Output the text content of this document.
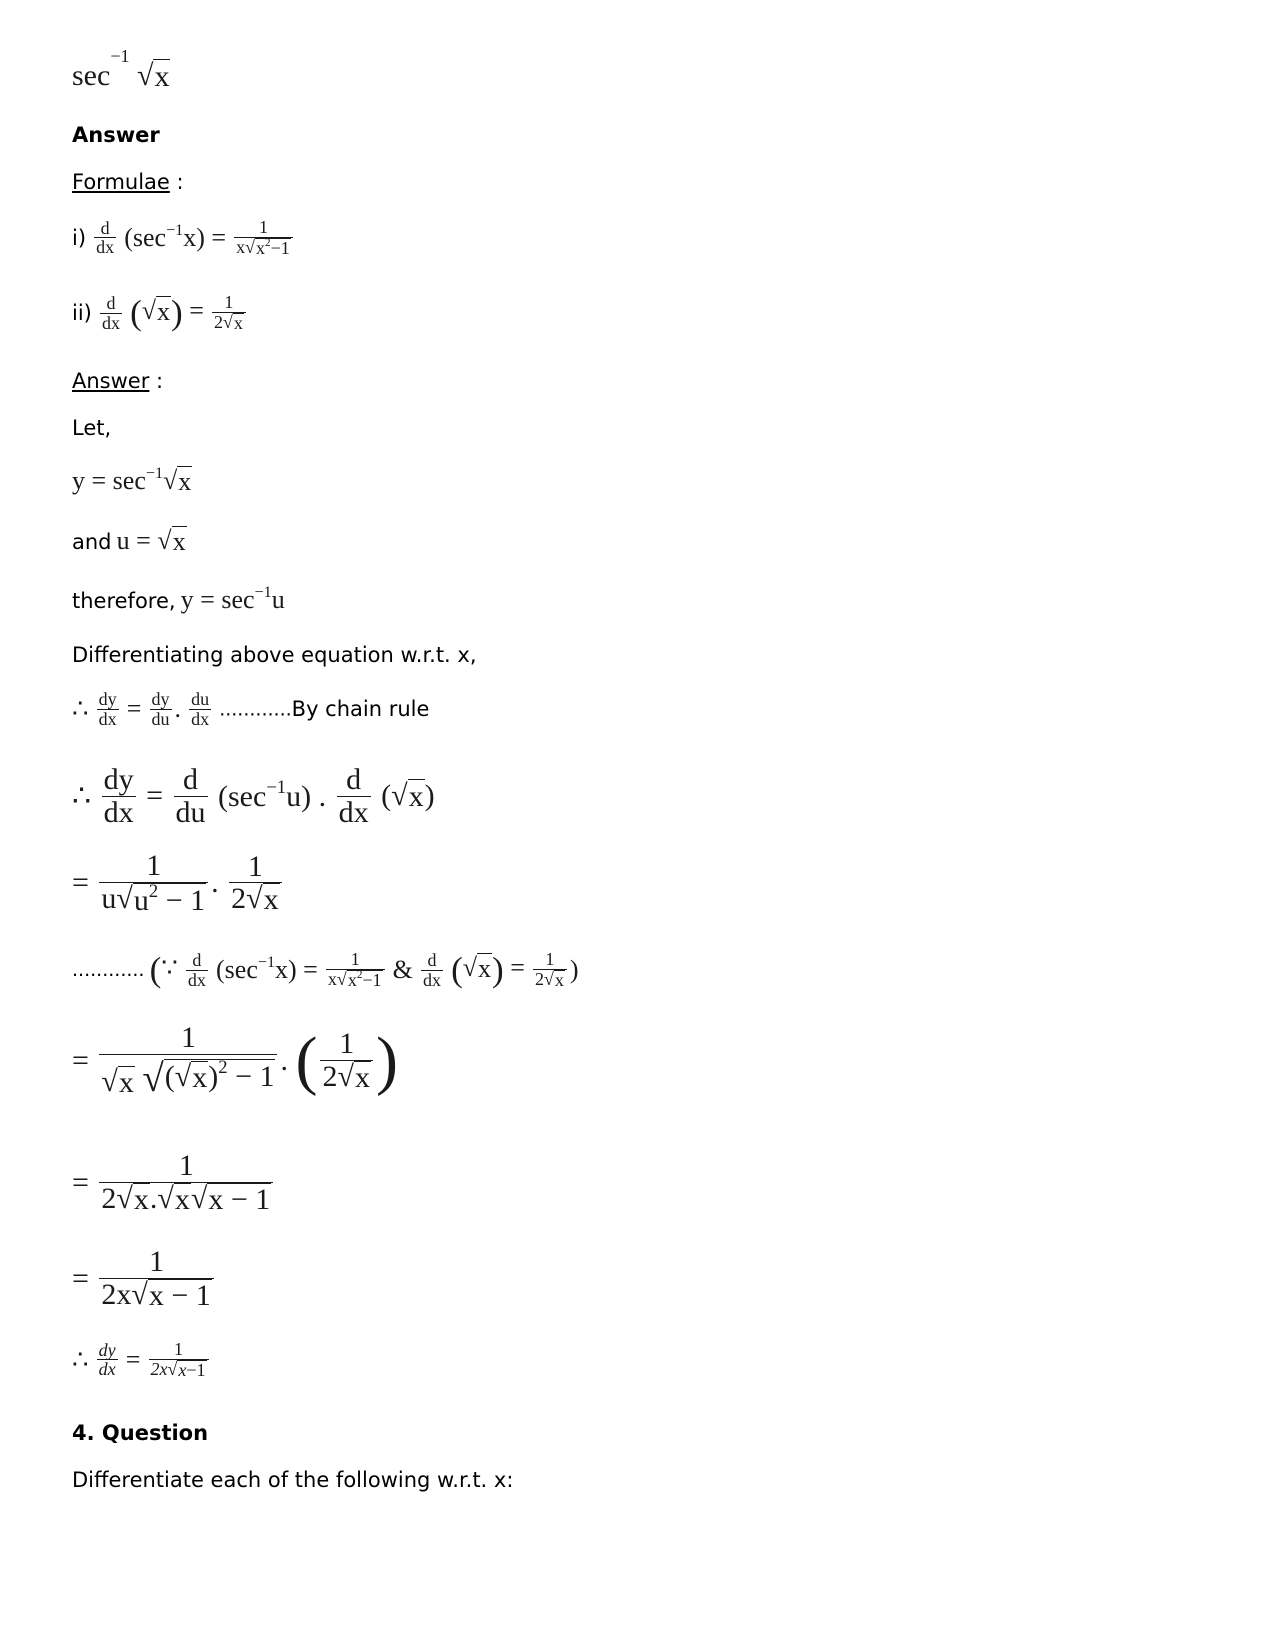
$\sec^{-1}$
√ x
Answer
Formulae :
$i) \frac{d}{dx} (\sec^{-1}x) = \frac{1}{x √ x^2-1}$
$ii) \frac{d}{dx}$ ( √ x ) = $\frac{1}{2 √ x}$
Answer :
Let,
$y = \sec^{-1}$ √ x
and u = √ x
therefore, $y = \sec^{-1}u$
Differentiating above equation w.r.t. x,
∴ $\frac{dy}{dx} = \frac{dy}{du}$ . $\frac{du}{dx} ............By$ chain rule
∴ $\frac{dy}{dx} = \frac{d}{du} (\sec^{-1}u)$ . $\frac{d}{dx}$ ( √ x )
= $\frac{1}{u √ u^2 - 1}$ . $\frac{1}{2 √ x}$
............ (∵ $\frac{d}{dx} (\sec^{-1}x) = \frac{1}{x √ x^2-1}$ & $\frac{d}{dx}$ ( √ x ) = $\frac{1}{2 √ x}$ )
= 1
√ x
√ ( √ x )$^2$ − 1 . ( $\frac{1}{2 √ x}$ )
= $\frac{1}{2 √ x . √ x √ x - 1}$
= $\frac{1}{2x √ x - 1}$
∴ $\frac{dy}{dx} = \frac{1}{2x √ x-1}$
4. Question
Differentiate each of the following w.r.t. x:
